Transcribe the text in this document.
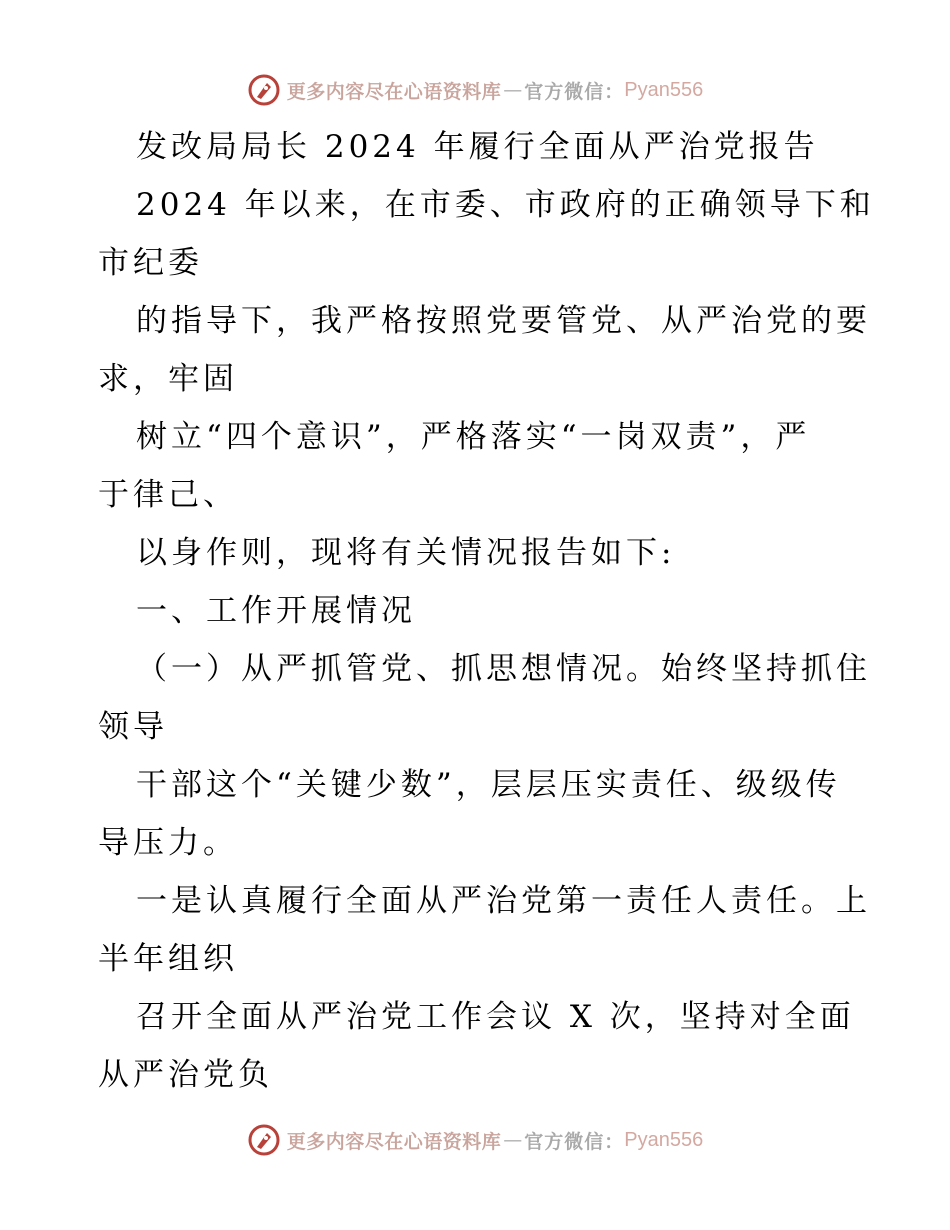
更多内容尽在心语资料库 — 官方微信： Pyan556
发改局局长 2024 年履行全面从严治党报告
2024 年以来，在市委、市政府的正确领导下和
市纪委
的指导下，我严格按照党要管党、从严治党的要
求，牢固
树立“四个意识”，严格落实“一岗双责”，严
于律己、
以身作则，现将有关情况报告如下:
一、工作开展情况
（一）从严抓管党、抓思想情况。始终坚持抓住
领导
干部这个“关键少数”，层层压实责任、级级传
导压力。
一是认真履行全面从严治党第一责任人责任。上
半年组织
召开全面从严治党工作会议 X 次，坚持对全面
从严治党负
更多内容尽在心语资料库 — 官方微信： Pyan556
